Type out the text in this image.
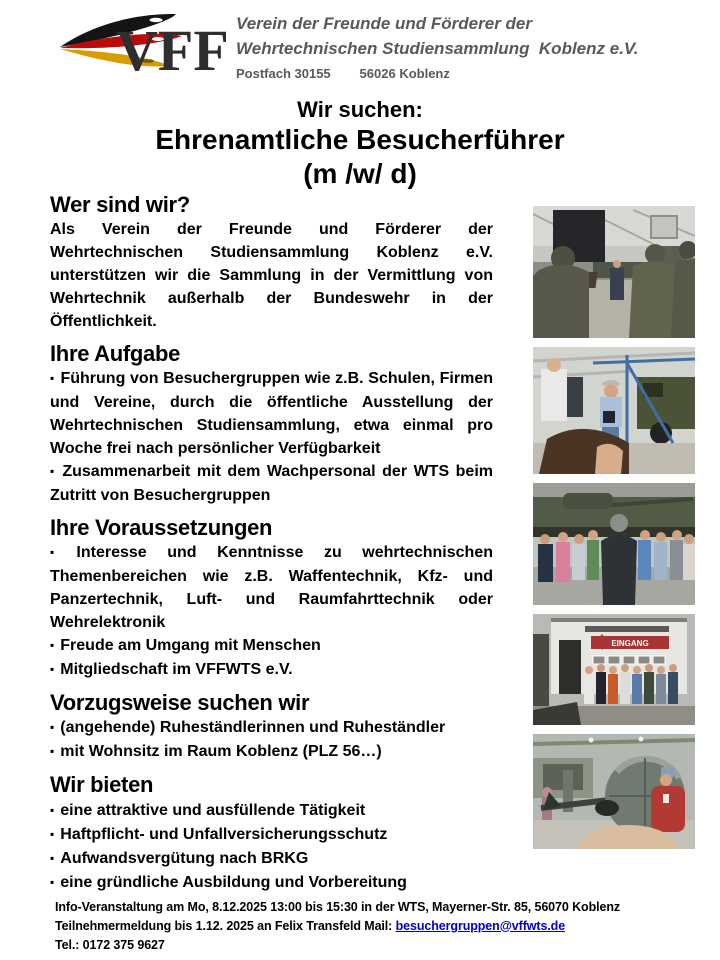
VFF Verein der Freunde und Förderer der
Wehrtechnischen Studiensammlung  Koblenz e.V.
Postfach 30155        56026 Koblenz
Wir suchen:
Ehrenamtliche Besucherführer
(m /w/ d)
Wer sind wir?

Als Verein der Freunde und Förderer der Wehrtechnischen Studiensammlung Koblenz e.V. unterstützen wir die Sammlung in der Vermittlung von Wehrtechnik außerhalb der Bundeswehr in der Öffentlichkeit.

Ihre Aufgabe
▪ Führung von Besuchergruppen wie z.B. Schulen, Firmen und Vereine, durch die öffentliche Ausstellung der Wehrtechnischen Studiensammlung, etwa einmal pro Woche frei nach persönlicher Verfügbarkeit
▪ Zusammenarbeit mit dem Wachpersonal der WTS beim Zutritt von Besuchergruppen
Ihre Voraussetzungen
▪ Interesse und Kenntnisse zu wehrtechnischen Themenbereichen wie z.B. Waffentechnik, Kfz- und Panzertechnik, Luft- und Raumfahrttechnik oder Wehrelektronik
▪ Freude am Umgang mit Menschen
▪ Mitgliedschaft im VFFWTS e.V.
Vorzugsweise suchen wir
▪ (angehende) Ruheständlerinnen und Ruheständler
▪ mit Wohnsitz im Raum Koblenz (PLZ 56…)
Wir bieten
▪ eine attraktive und ausfüllende Tätigkeit
▪ Haftpflicht- und Unfallversicherungsschutz
▪ Aufwandsvergütung nach BRKG
▪ eine gründliche Ausbildung und Vorbereitung
EINGANG
Info-Veranstaltung am Mo, 8.12.2025 13:00 bis 15:30 in der WTS, Mayerner-Str. 85, 56070 Koblenz
Teilnehmermeldung bis 1.12. 2025 an Felix Transfeld Mail: besuchergruppen@vffwts.de
Tel.: 0172 375 9627
